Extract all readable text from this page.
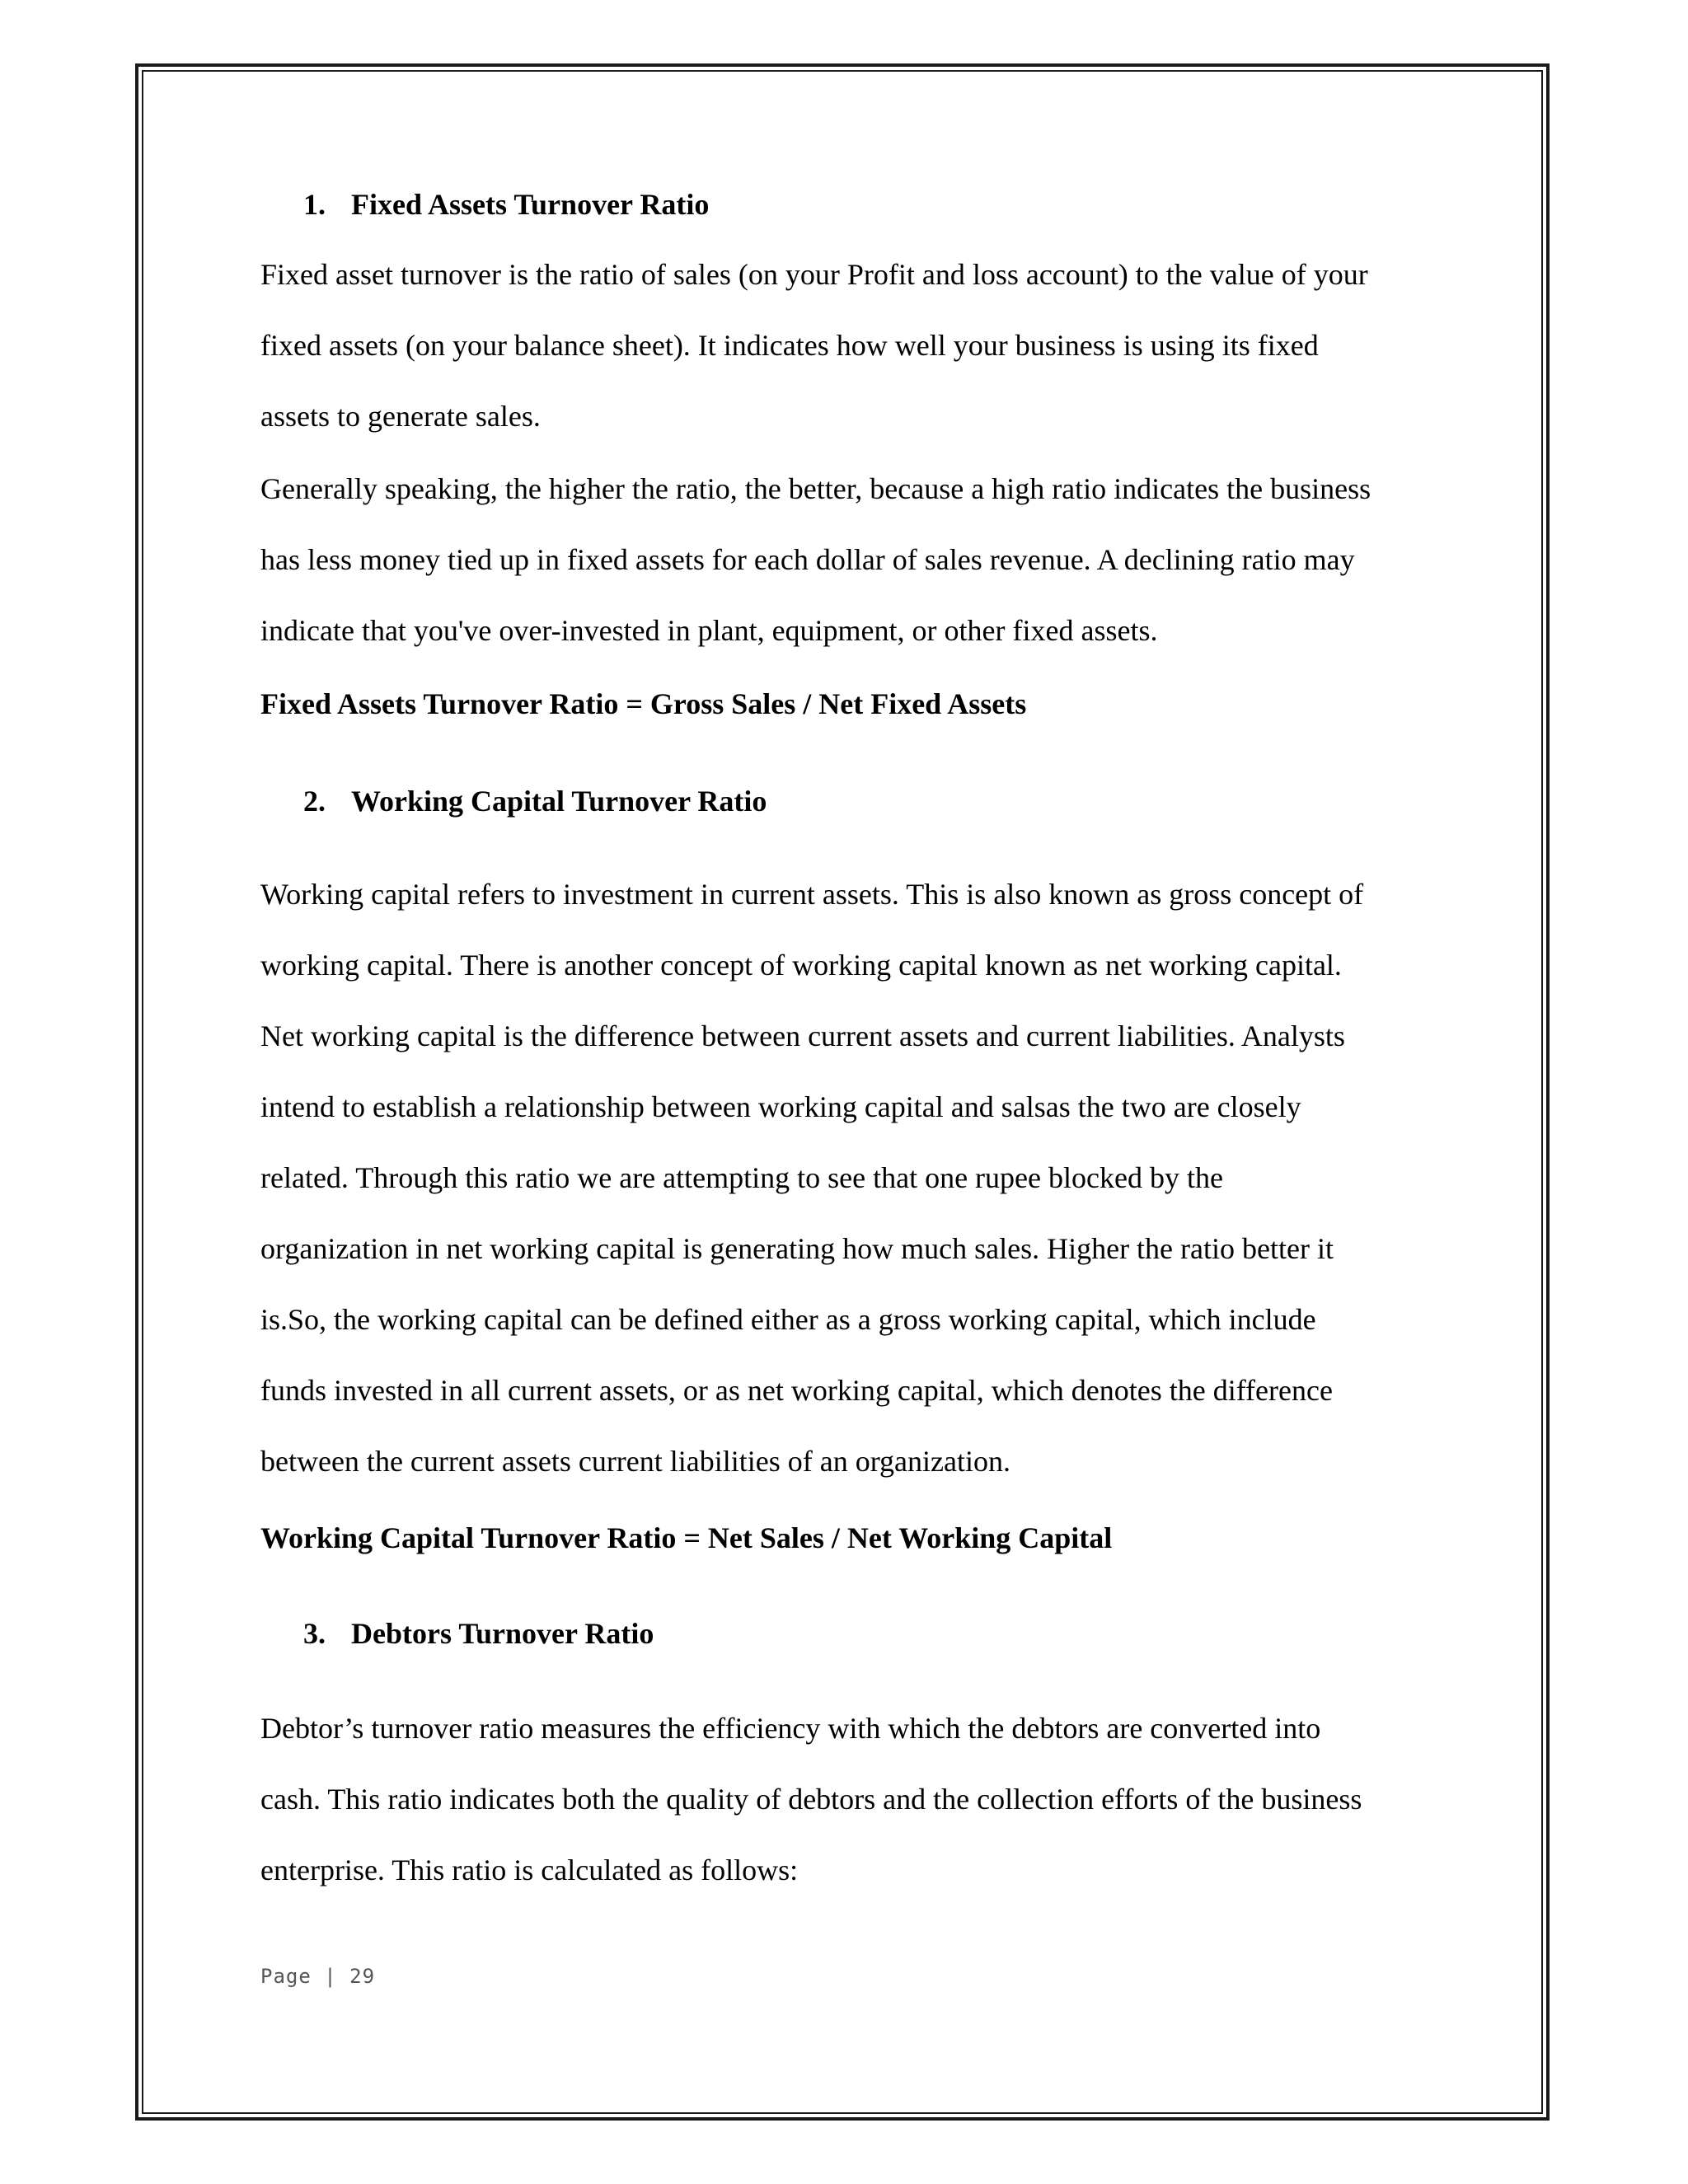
1. Fixed Assets Turnover Ratio
Fixed asset turnover is the ratio of sales (on your Profit and loss account) to the value of your
fixed assets (on your balance sheet). It indicates how well your business is using its fixed
assets to generate sales.
Generally speaking, the higher the ratio, the better, because a high ratio indicates the business
has less money tied up in fixed assets for each dollar of sales revenue. A declining ratio may
indicate that you've over-invested in plant, equipment, or other fixed assets.
Fixed Assets Turnover Ratio = Gross Sales / Net Fixed Assets
2. Working Capital Turnover Ratio
Working capital refers to investment in current assets. This is also known as gross concept of
working capital. There is another concept of working capital known as net working capital.
Net working capital is the difference between current assets and current liabilities. Analysts
intend to establish a relationship between working capital and salsas the two are closely
related. Through this ratio we are attempting to see that one rupee blocked by the
organization in net working capital is generating how much sales. Higher the ratio better it
is.So, the working capital can be defined either as a gross working capital, which include
funds invested in all current assets, or as net working capital, which denotes the difference
between the current assets current liabilities of an organization.
Working Capital Turnover Ratio = Net Sales / Net Working Capital
3. Debtors Turnover Ratio
Debtor’s turnover ratio measures the efficiency with which the debtors are converted into
cash. This ratio indicates both the quality of debtors and the collection efforts of the business
enterprise. This ratio is calculated as follows:
Page | 29
